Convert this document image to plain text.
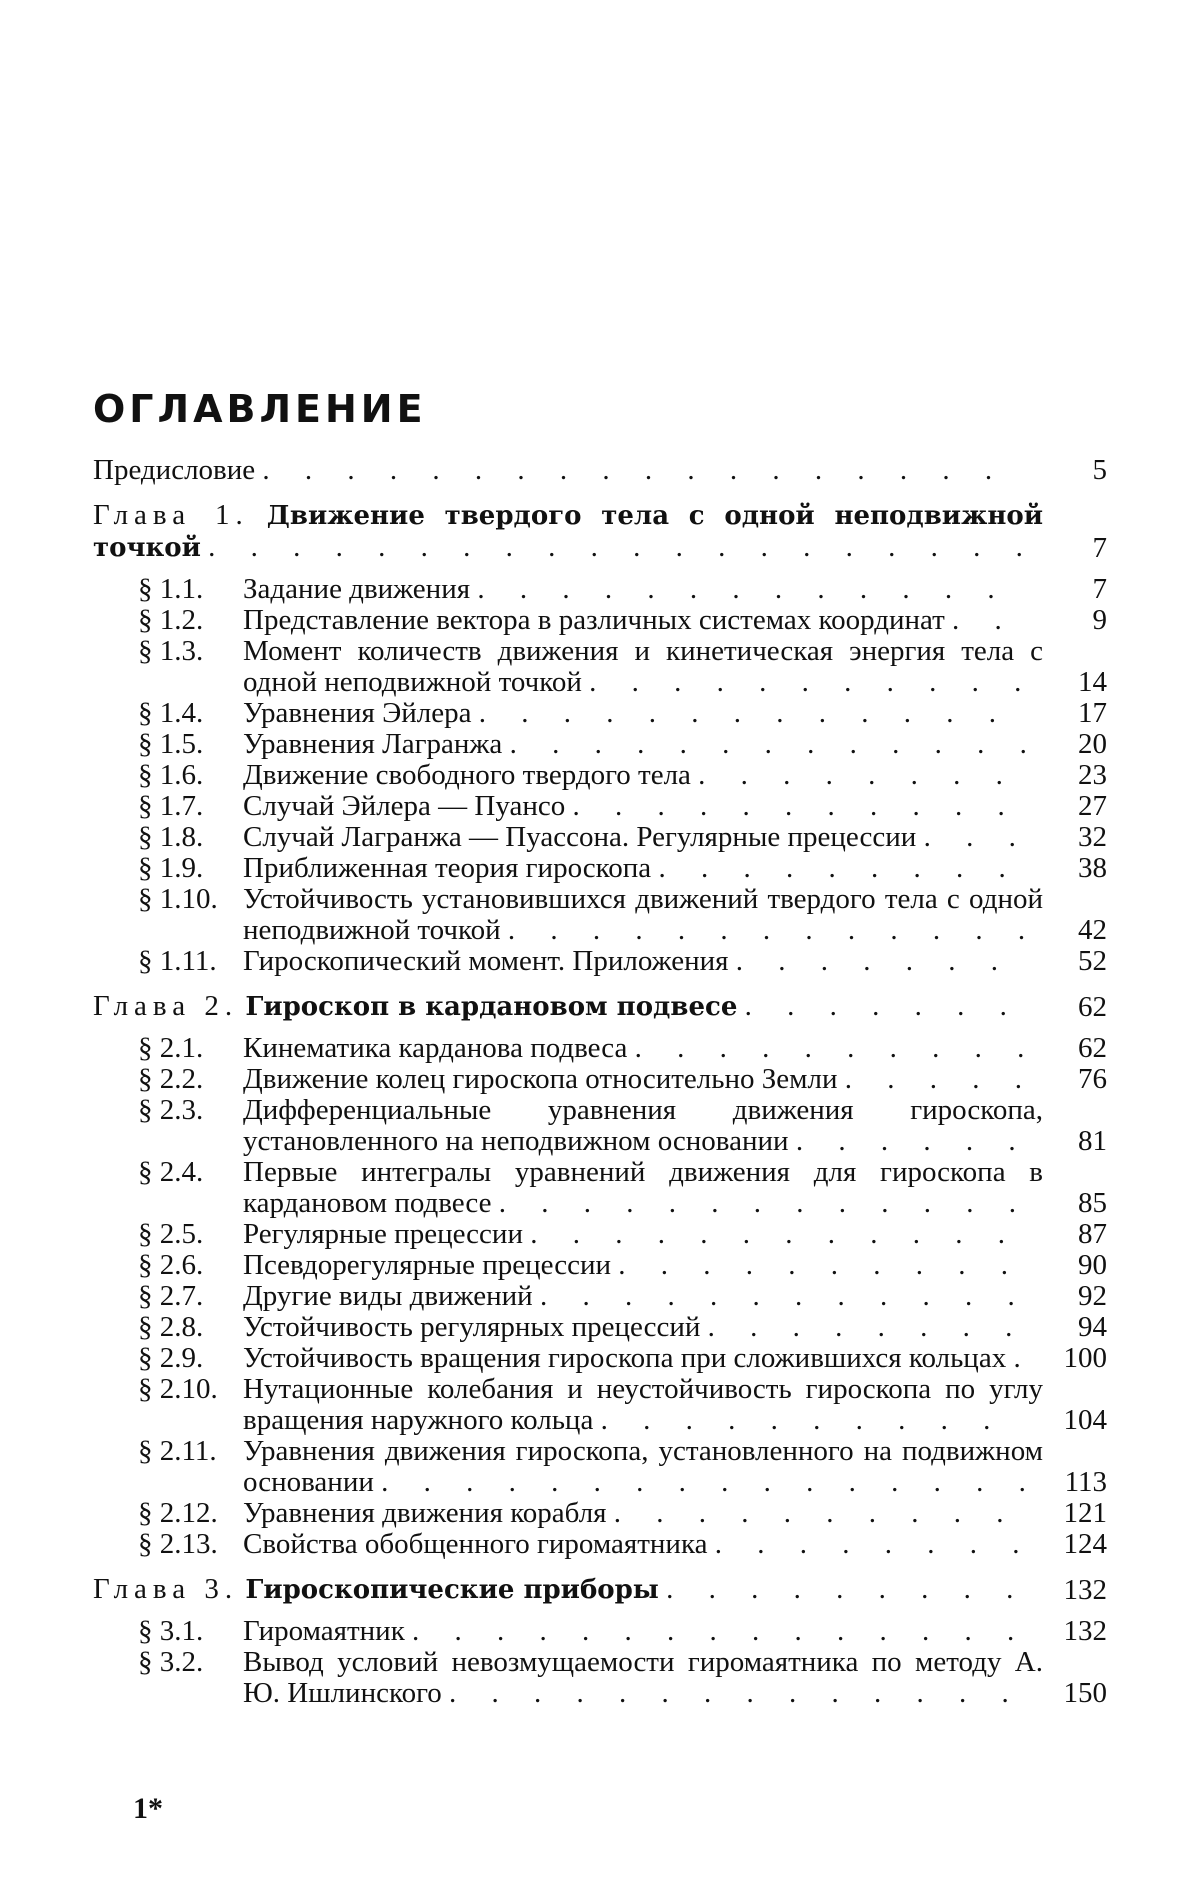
ОГЛАВЛЕНИЕ
Предисловие . . . . . . . . . . . . . . . . . .	5
Глава 1. Движение твердого тела с одной неподвижной точкой . . . . . . . . . . . . . . . . . . . . 7
§ 1.1. Задание движения . . . . . . . . . . . . .	7
§ 1.2. Представление вектора в различных системах координат . .	9
§ 1.3. Момент количеств движения и кинетическая энергия тела с одной неподвижной точкой . . . . . . . . . . . 14
§ 1.4. Уравнения Эйлера . . . . . . . . . . . . .	17
§ 1.5. Уравнения Лагранжа . . . . . . . . . . . . . 20
§ 1.6. Движение свободного твердого тела . . . . . . . .	23
§ 1.7. Случай Эйлера — Пуансо . . . . . . . . . . .	27
§ 1.8. Случай Лагранжа — Пуассона. Регулярные прецессии . . .	32
§ 1.9. Приближенная теория гироскопа . . . . . . . . .	38
§ 1.10. Устойчивость установившихся движений твердого тела с одной неподвижной точкой . . . . . . . . . . . . . 42
§ 1.11. Гироскопический момент. Приложения . . . . . . .	52
Глава 2. Гироскоп в кардановом подвесе . . . . . . .	62
§ 2.1. Кинематика карданова подвеса . . . . . . . . . . 62
§ 2.2. Движение колец гироскопа относительно Земли . . . . . 76
§ 2.3. Дифференциальные уравнения движения гироскопа, установленного на неподвижном основании . . . . . .	81
§ 2.4. Первые интегралы уравнений движения для гироскопа в кардановом подвесе . . . . . . . . . . . . .	85
§ 2.5. Регулярные прецессии . . . . . . . . . . . .	87
§ 2.6. Псевдорегулярные прецессии . . . . . . . . . .	90
§ 2.7. Другие виды движений . . . . . . . . . . . .	92
§ 2.8. Устойчивость регулярных прецессий . . . . . . . .	94
§ 2.9. Устойчивость вращения гироскопа при сложившихся кольцах . 100
§ 2.10. Нутационные колебания и неустойчивость гироскопа по углу вращения наружного кольца . . . . . . . . . .	104
§ 2.11. Уравнения движения гироскопа, установленного на подвижном основании . . . . . . . . . . . . . . . . 113
§ 2.12. Уравнения движения корабля . . . . . . . . . .	121
§ 2.13. Свойства обобщенного гиромаятника . . . . . . . .	124
Глава 3. Гироскопические приборы . . . . . . . . .	132
§ 3.1. Гиромаятник . . . . . . . . . . . . . . .	132
§ 3.2. Вывод условий невозмущаемости гиромаятника по методу А. Ю. Ишлинского . . . . . . . . . . . . . .	150
1*
